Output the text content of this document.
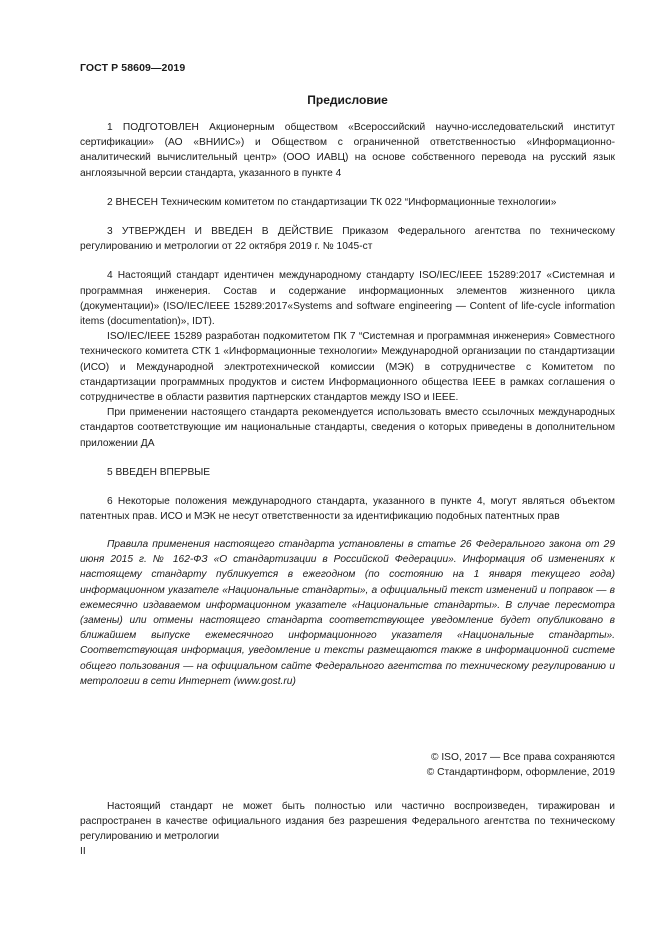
ГОСТ Р 58609—2019
Предисловие

1 ПОДГОТОВЛЕН Акционерным обществом «Всероссийский научно-исследовательский институт сертификации» (АО «ВНИИС») и Обществом с ограниченной ответственностью «Информационно-аналитический вычислительный центр» (ООО ИАВЦ) на основе собственного перевода на русский язык англоязычной версии стандарта, указанного в пункте 4

2 ВНЕСЕН Техническим комитетом по стандартизации ТК 022 “Информационные технологии»

3 УТВЕРЖДЕН И ВВЕДЕН В ДЕЙСТВИЕ Приказом Федерального агентства по техническому регулированию и метрологии от 22 октября 2019 г. № 1045-ст

4 Настоящий стандарт идентичен международному стандарту ISO/IEC/IEEE 15289:2017 «Системная и программная инженерия. Состав и содержание информационных элементов жизненного цикла (документации)» (ISO/IEC/IEEE 15289:2017«Systems and software engineering — Content of life-cycle information items (documentation)», IDT).

ISO/IEC/IEEE 15289 разработан подкомитетом ПК 7 “Системная и программная инженерия» Совместного технического комитета СТК 1 «Информационные технологии» Международной организации по стандартизации (ИСО) и Международной электротехнической комиссии (МЭК) в сотрудничестве с Комитетом по стандартизации программных продуктов и систем Информационного общества IEEE в рамках соглашения о сотрудничестве в области развития партнерских стандартов между ISO и IEEE.

При применении настоящего стандарта рекомендуется использовать вместо ссылочных международных стандартов соответствующие им национальные стандарты, сведения о которых приведены в дополнительном приложении ДА

5 ВВЕДЕН ВПЕРВЫЕ

6 Некоторые положения международного стандарта, указанного в пункте 4, могут являться объектом патентных прав. ИСО и МЭК не несут ответственности за идентификацию подобных патентных прав

Правила применения настоящего стандарта установлены в статье 26 Федерального закона от 29 июня 2015 г. № 162-ФЗ «О стандартизации в Российской Федерации». Информация об изменениях к настоящему стандарту публикуется в ежегодном (по состоянию на 1 января текущего года) информационном указателе «Национальные стандарты», а официальный текст изменений и поправок — в ежемесячно издаваемом информационном указателе «Национальные стандарты». В случае пересмотра (замены) или отмены настоящего стандарта соответствующее уведомление будет опубликовано в ближайшем выпуске ежемесячного информационного указателя «Национальные стандарты». Соответствующая информация, уведомление и тексты размещаются также в информационной системе общего пользования — на официальном сайте Федерального агентства по техническому регулированию и метрологии в сети Интернет (www.gost.ru)

© ISO, 2017 — Все права сохраняются
© Стандартинформ, оформление, 2019

Настоящий стандарт не может быть полностью или частично воспроизведен, тиражирован и распространен в качестве официального издания без разрешения Федерального агентства по техническому регулированию и метрологии

II
